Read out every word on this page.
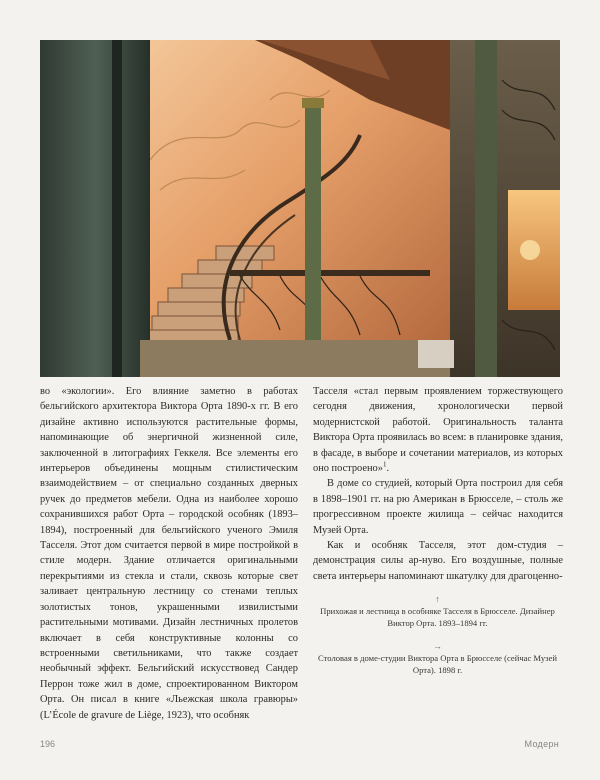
во «экологии». Его влияние заметно в работах бельгийского архитектора Виктора Орта 1890-х гг. В его дизайне активно используются растительные формы, напоминающие об энергичной жизненной силе, заключенной в литографиях Геккеля. Все элементы его интерьеров объединены мощным стилистическим взаимодействием – от специально созданных дверных ручек до предметов мебели. Одна из наиболее хорошо сохранившихся работ Орта – городской особняк (1893–1894), построенный для бельгийского ученого Эмиля Тасселя. Этот дом считается первой в мире постройкой в стиле модерн. Здание отличается оригинальными перекрытиями из стекла и стали, сквозь которые свет заливает центральную лестницу со стенами теплых золотистых тонов, украшенными извилистыми растительными мотивами. Дизайн лестничных пролетов включает в себя конструктивные колонны со встроенными светильниками, что также создает необычный эффект. Бельгийский искусствовед Сандер Перрон тоже жил в доме, спроектированном Виктором Орта. Он писал в книге «Льежская школа гравюры» (L’École de gravure de Liège, 1923), что особняк

Тасселя «стал первым проявлением торжествующего сегодня движения, хронологически первой модернистской работой. Оригинальность таланта Виктора Орта проявилась во всем: в планировке здания, в фасаде, в выборе и сочетании материалов, из которых оно построено»$^1$.

В доме со студией, который Орта построил для себя в 1898–1901 гг. на рю Американ в Брюсселе, – столь же прогрессивном проекте жилища – сейчас находится Музей Орта.

Как и особняк Тасселя, этот дом-студия – демонстрация силы ар-нуво. Его воздушные, полные света интерьеры напоминают шкатулку для драгоценно-

↑
Прихожая и лестница в особняке Тасселя в Брюсселе. Дизайнер Виктор Орта. 1893–1894 гг.
→
Столовая в доме-студии Виктора Орта в Брюсселе (сейчас Музей Орта). 1898 г.
196	Модерн
